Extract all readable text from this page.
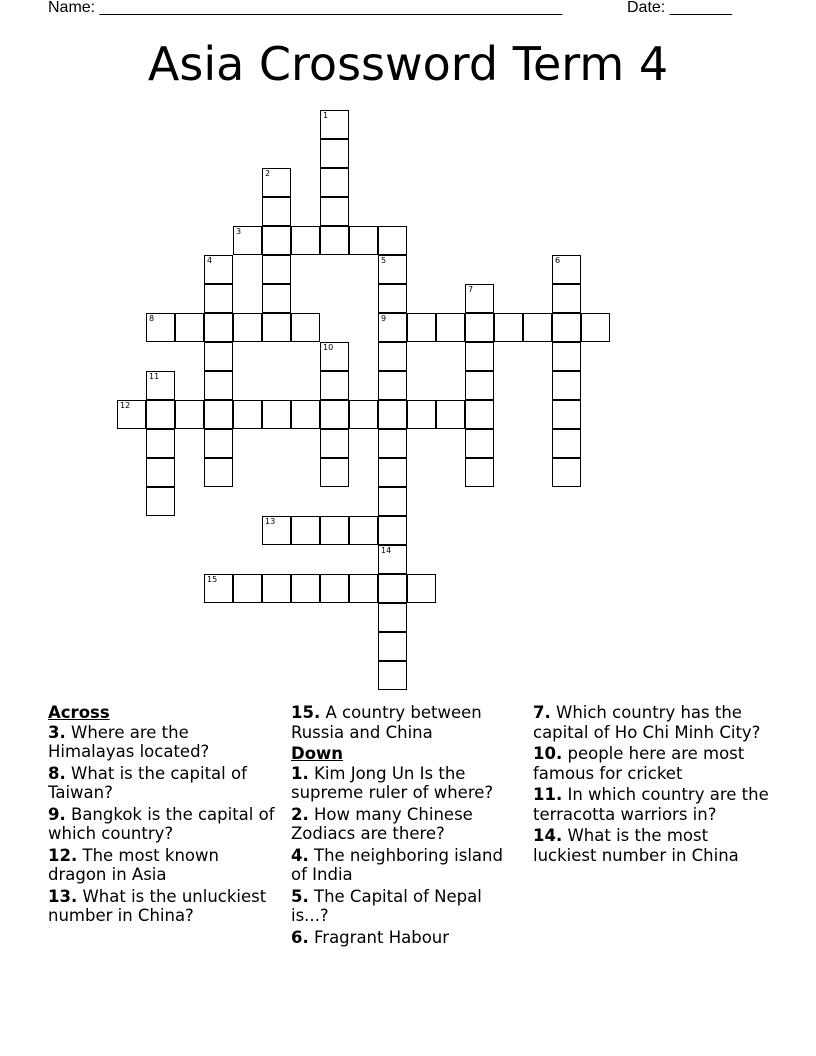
Name: ____________________________________________________	Date: _______
Asia Crossword Term 4
1
2
3
4	5
9
6
7
8
10
11
12
13
14
15
Across
3. Where are the Himalayas located?
8. What is the capital of Taiwan?
9. Bangkok is the capital of which country?
12. The most known dragon in Asia
13. What is the unluckiest number in China?
15. A country between Russia and China
Down
1. Kim Jong Un Is the supreme ruler of where?
2. How many Chinese Zodiacs are there?
4. The neighboring island of India
5. The Capital of Nepal is...?
6. Fragrant Habour
7. Which country has the capital of Ho Chi Minh City?
10. people here are most famous for cricket
11. In which country are the terracotta warriors in?
14. What is the most luckiest number in China
